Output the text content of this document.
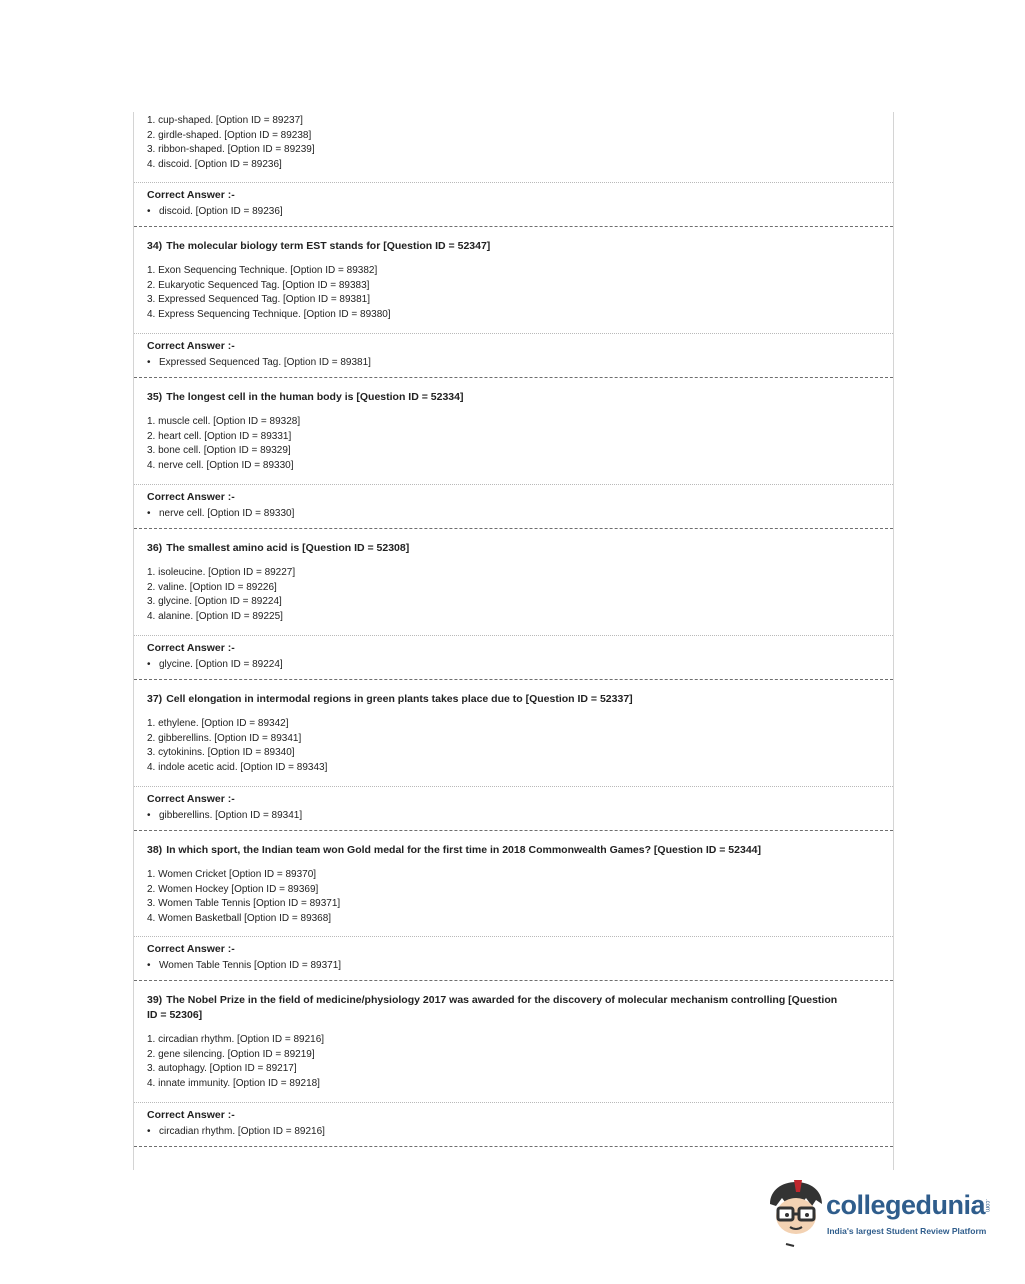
1. cup-shaped. [Option ID = 89237]
2. girdle-shaped. [Option ID = 89238]
3. ribbon-shaped. [Option ID = 89239]
4. discoid. [Option ID = 89236]
Correct Answer :-
• discoid. [Option ID = 89236]
34) The molecular biology term EST stands for [Question ID = 52347]
1. Exon Sequencing Technique. [Option ID = 89382]
2. Eukaryotic Sequenced Tag. [Option ID = 89383]
3. Expressed Sequenced Tag. [Option ID = 89381]
4. Express Sequencing Technique. [Option ID = 89380]
Correct Answer :-
• Expressed Sequenced Tag. [Option ID = 89381]
35) The longest cell in the human body is [Question ID = 52334]
1. muscle cell. [Option ID = 89328]
2. heart cell. [Option ID = 89331]
3. bone cell. [Option ID = 89329]
4. nerve cell. [Option ID = 89330]
Correct Answer :-
• nerve cell. [Option ID = 89330]
36) The smallest amino acid is [Question ID = 52308]
1. isoleucine. [Option ID = 89227]
2. valine. [Option ID = 89226]
3. glycine. [Option ID = 89224]
4. alanine. [Option ID = 89225]
Correct Answer :-
• glycine. [Option ID = 89224]
37) Cell elongation in intermodal regions in green plants takes place due to [Question ID = 52337]
1. ethylene. [Option ID = 89342]
2. gibberellins. [Option ID = 89341]
3. cytokinins. [Option ID = 89340]
4. indole acetic acid. [Option ID = 89343]
Correct Answer :-
• gibberellins. [Option ID = 89341]
38) In which sport, the Indian team won Gold medal for the first time in 2018 Commonwealth Games? [Question ID = 52344]
1. Women Cricket [Option ID = 89370]
2. Women Hockey [Option ID = 89369]
3. Women Table Tennis [Option ID = 89371]
4. Women Basketball [Option ID = 89368]
Correct Answer :-
• Women Table Tennis [Option ID = 89371]
39) The Nobel Prize in the field of medicine/physiology 2017 was awarded for the discovery of molecular mechanism controlling [Question ID = 52306]
1. circadian rhythm. [Option ID = 89216]
2. gene silencing. [Option ID = 89219]
3. autophagy. [Option ID = 89217]
4. innate immunity. [Option ID = 89218]
Correct Answer :-
• circadian rhythm. [Option ID = 89216]
collegedunia
.com
India's largest Student Review Platform
